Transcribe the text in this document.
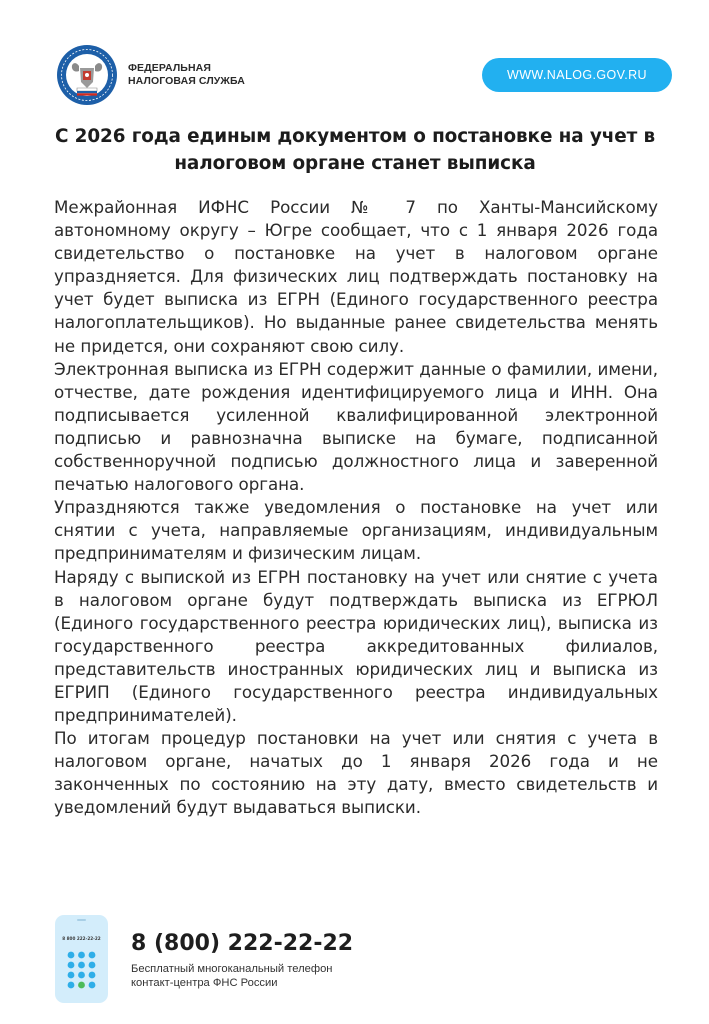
ФЕДЕРАЛЬНАЯ
НАЛОГОВАЯ СЛУЖБА	WWW.NALOG.GOV.RU
С 2026 года единым документом о постановке на учет в налоговом органе станет выписка

Межрайонная ИФНС России № 7 по Ханты-Мансийскому автономному округу – Югре сообщает, что с 1 января 2026 года свидетельство о постановке на учет в налоговом органе упраздняется. Для физических лиц подтверждать постановку на учет будет выписка из ЕГРН (Единого государственного реестра налогоплательщиков). Но выданные ранее свидетельства менять не придется, они сохраняют свою силу.

Электронная выписка из ЕГРН содержит данные о фамилии, имени, отчестве, дате рождения идентифицируемого лица и ИНН. Она подписывается усиленной квалифицированной электронной подписью и равнозначна выписке на бумаге, подписанной собственноручной подписью должностного лица и заверенной печатью налогового органа.

Упраздняются также уведомления о постановке на учет или снятии с учета, направляемые организациям, индивидуальным предпринимателям и физическим лицам.

Наряду с выпиской из ЕГРН постановку на учет или снятие с учета в налоговом органе будут подтверждать выписка из ЕГРЮЛ (Единого государственного реестра юридических лиц), выписка из государственного реестра аккредитованных филиалов, представительств иностранных юридических лиц и выписка из ЕГРИП (Единого государственного реестра индивидуальных предпринимателей).

По итогам процедур постановки на учет или снятия с учета в налоговом органе, начатых до 1 января 2026 года и не законченных по состоянию на эту дату, вместо свидетельств и уведомлений будут выдаваться выписки.

8 800 222-22-22 8 (800) 222-22-22
Бесплатный многоканальный телефон
контакт-центра ФНС России
